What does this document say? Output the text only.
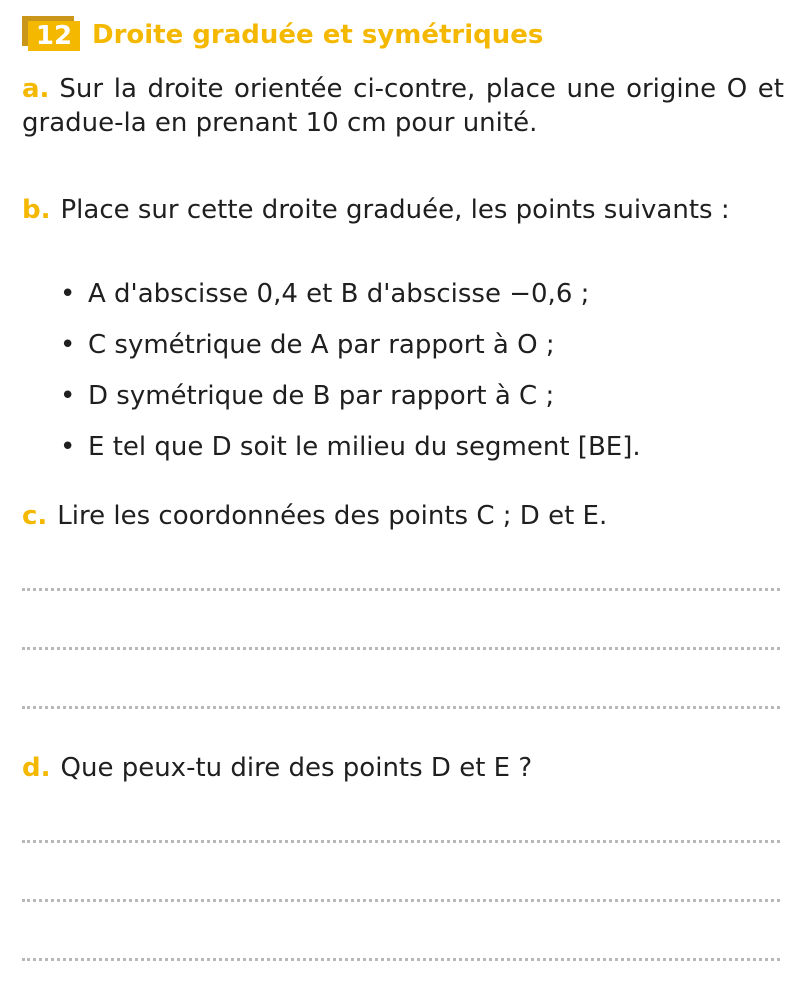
12 Droite graduée et symétriques
a. Sur la droite orientée ci-contre, place une origine O et gradue-la en prenant 10 cm pour unité.
b. Place sur cette droite graduée, les points suivants :
• A d'abscisse 0,4 et B d'abscisse −0,6 ;
• C symétrique de A par rapport à O ;
• D symétrique de B par rapport à C ;
• E tel que D soit le milieu du segment [BE].
c. Lire les coordonnées des points C ; D et E.
d. Que peux-tu dire des points D et E ?
